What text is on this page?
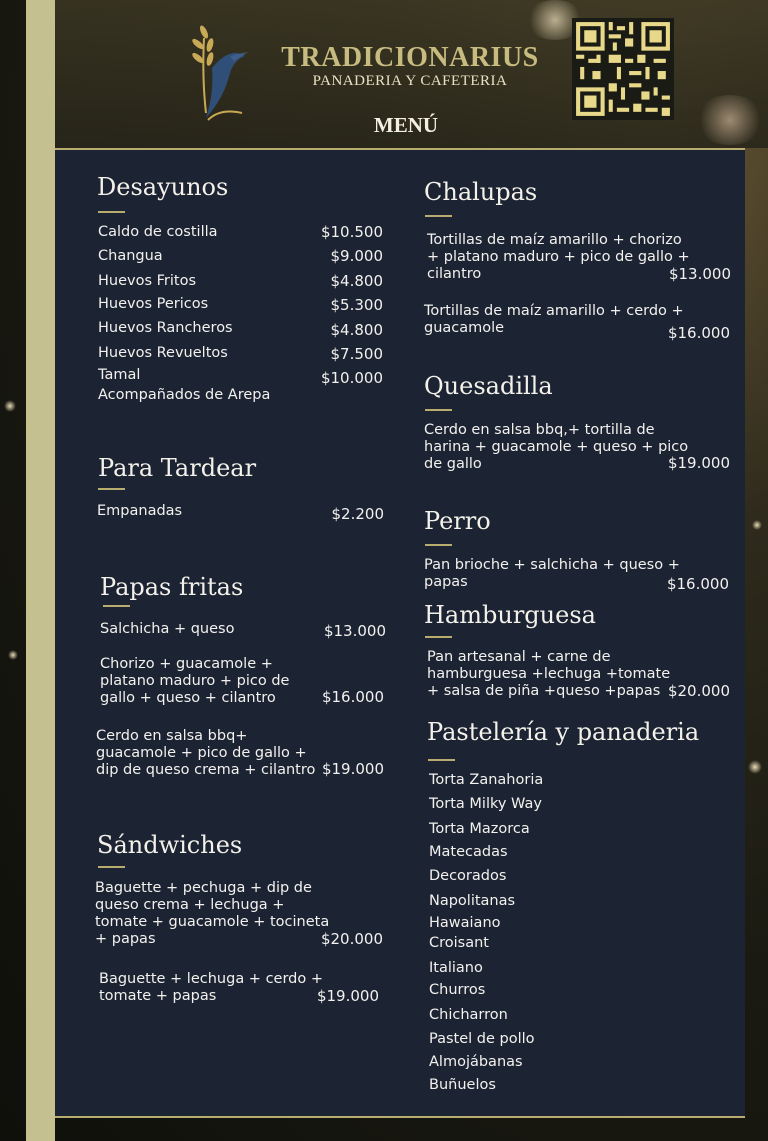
TRADICIONARIUS
PANADERIA Y CAFETERIA
MENÚ
Desayunos
Caldo de costilla	$10.500
Changua	$9.000
Huevos Fritos	$4.800
Huevos Pericos	$5.300
Huevos Rancheros	$4.800
Huevos Revueltos	$7.500
Tamal	$10.000
Acompañados de Arepa
Para Tardear
Empanadas	$2.200
Papas fritas
Salchicha + queso	$13.000
Chorizo + guacamole +
platano maduro + pico de
gallo + queso + cilantro	$16.000
Cerdo en salsa bbq+
guacamole + pico de gallo +
dip de queso crema + cilantro $19.000
Sándwiches
Baguette + pechuga + dip de
queso crema + lechuga +
tomate + guacamole + tocineta
+ papas	$20.000
Baguette + lechuga + cerdo +
tomate + papas	$19.000
Chalupas
Tortillas de maíz amarillo + chorizo
+ platano maduro + pico de gallo +
cilantro	$13.000
Tortillas de maíz amarillo + cerdo +
guacamole	$16.000
Quesadilla
Cerdo en salsa bbq,+ tortilla de
harina + guacamole + queso + pico
de gallo	$19.000
Perro
Pan brioche + salchicha + queso +
papas	$16.000
Hamburguesa
Pan artesanal + carne de
hamburguesa +lechuga +tomate
+ salsa de piña +queso +papas $20.000
Pastelería y panaderia
Torta Zanahoria
Torta Milky Way
Torta Mazorca
Matecadas
Decorados
Napolitanas
Hawaiano
Croisant
Italiano
Churros
Chicharron
Pastel de pollo
Almojábanas
Buñuelos
